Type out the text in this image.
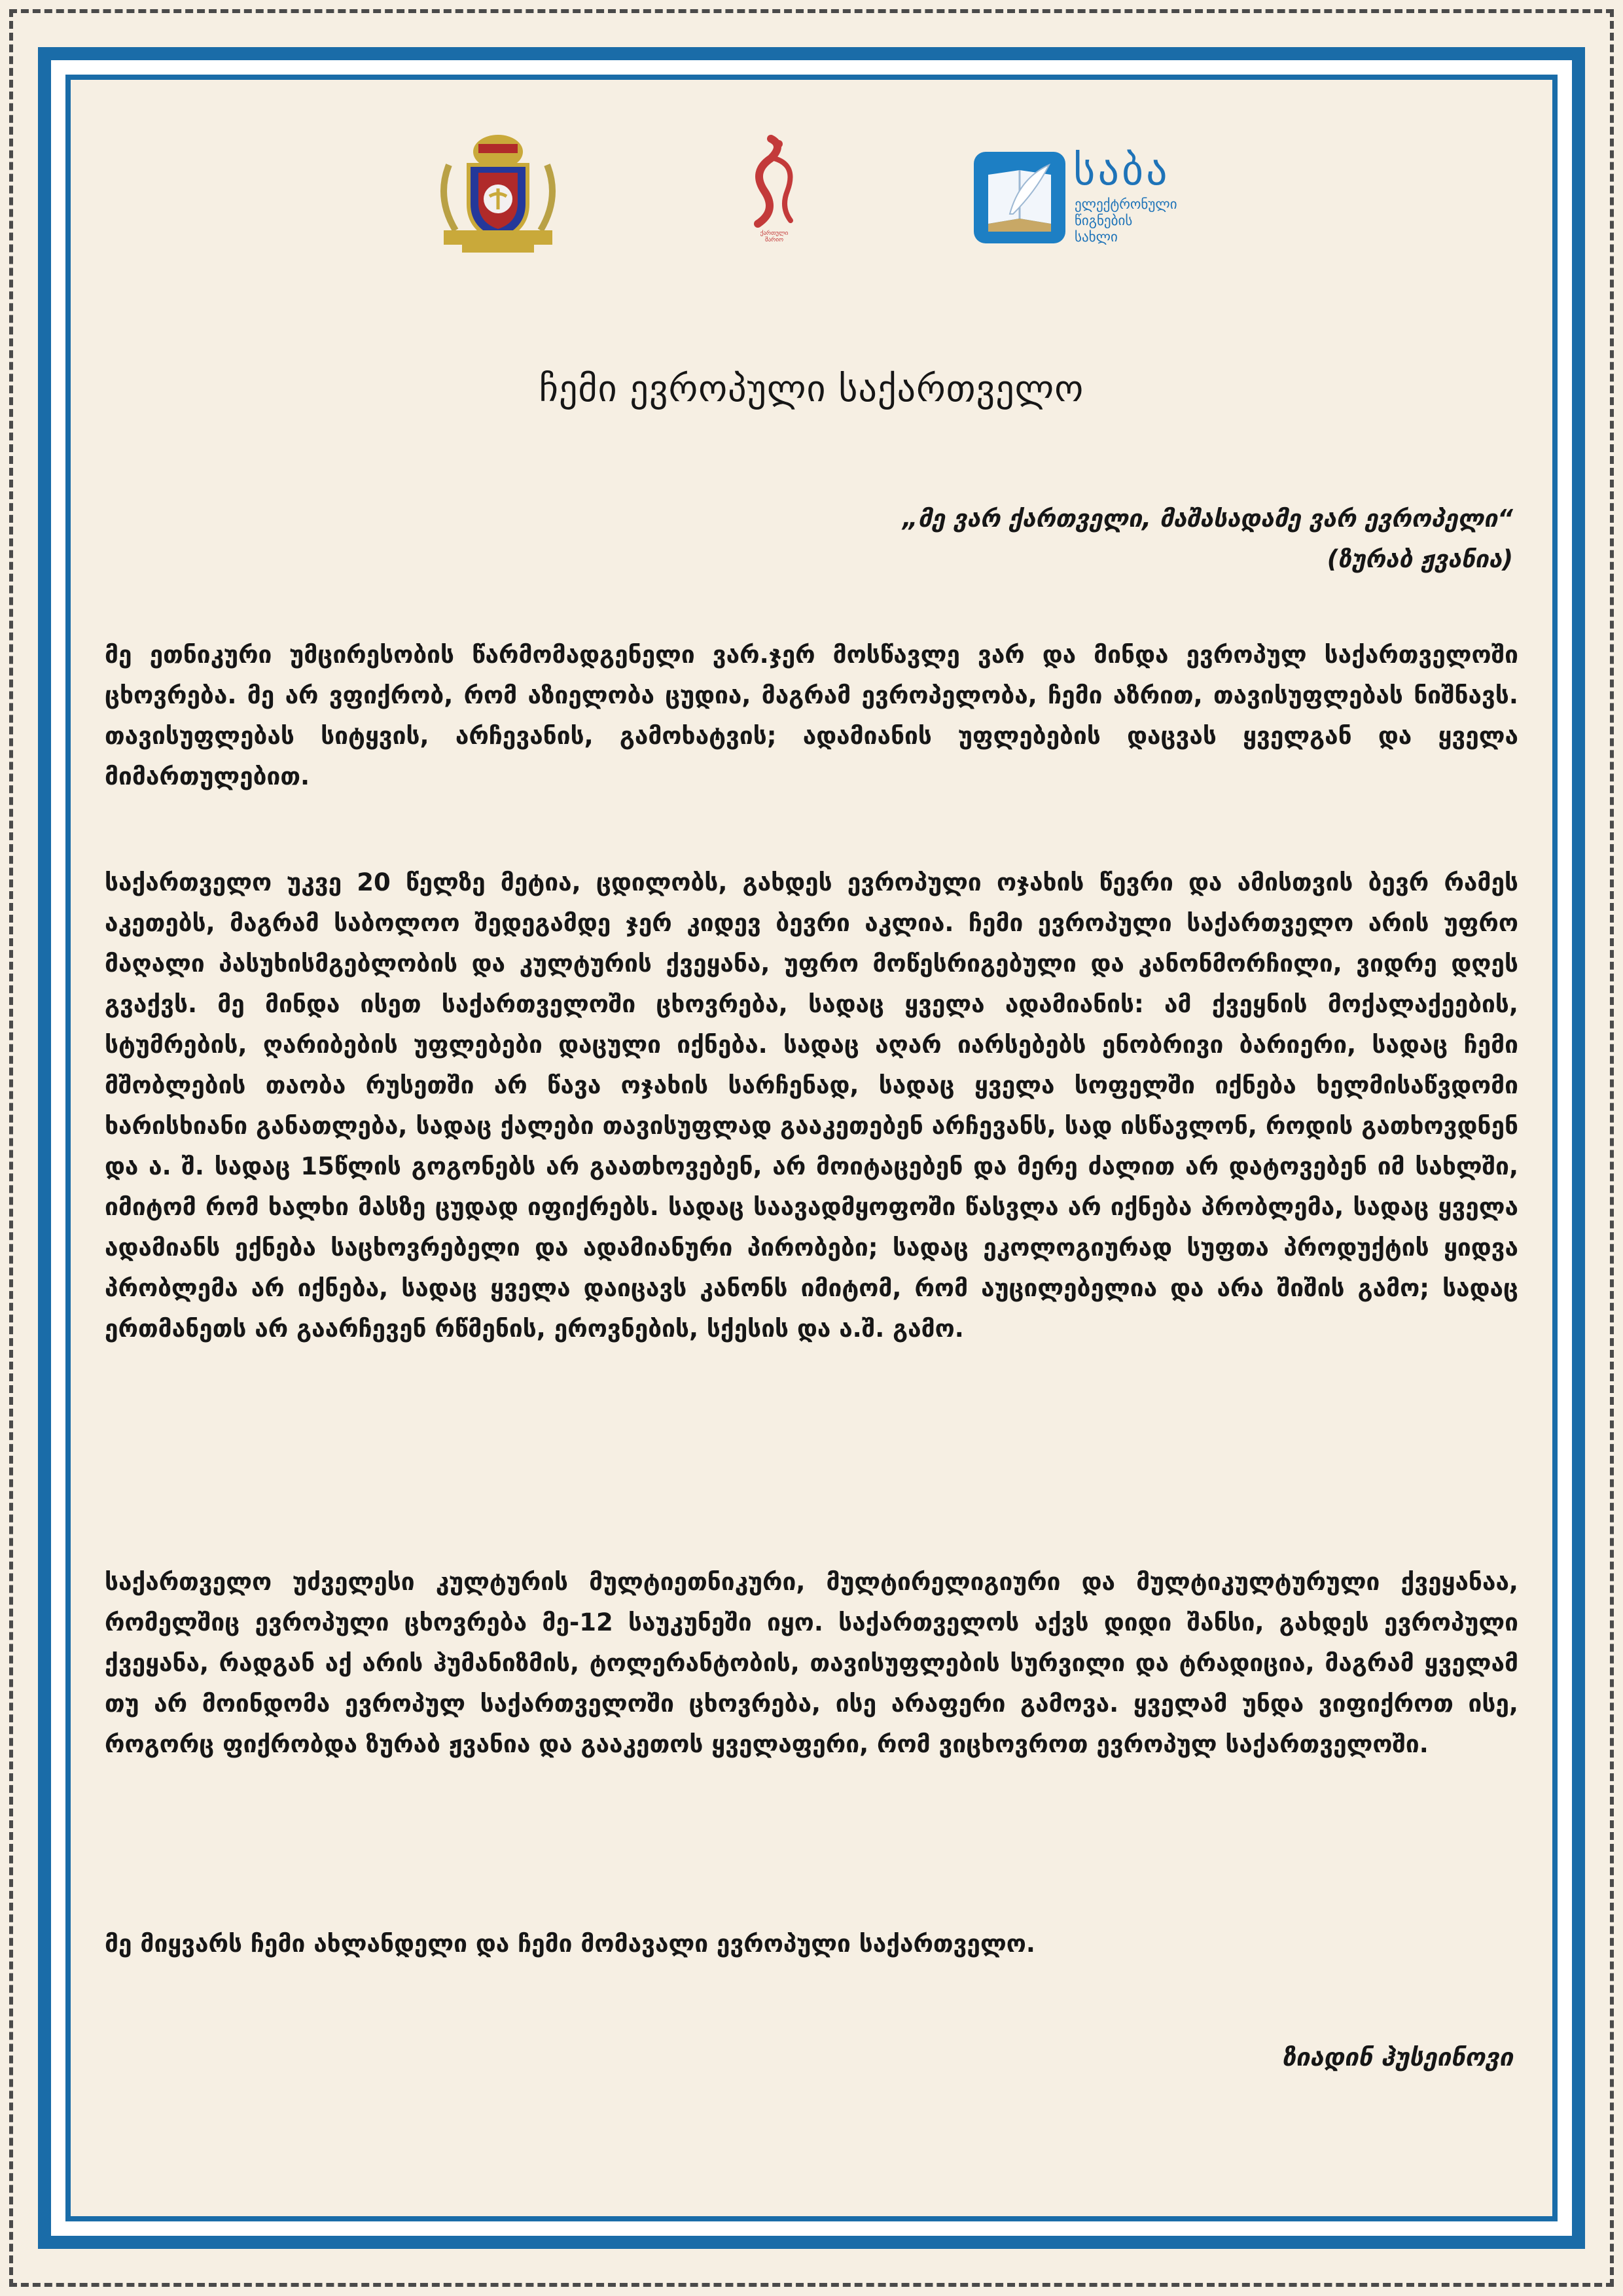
ქართული
შარიო
საბა
ელექტრონული
წიგნების
სახლი
ჩემი ევროპული საქართველო
„მე ვარ ქართველი, მაშასადამე ვარ ევროპელი“
(ზურაბ ჟვანია)
მე ეთნიკური უმცირესობის წარმომადგენელი ვარ.ჯერ მოსწავლე ვარ და მინდა ევროპულ საქართველოში ცხოვრება. მე არ ვფიქრობ, რომ აზიელობა ცუდია, მაგრამ ევროპელობა, ჩემი აზრით, თავისუფლებას ნიშნავს. თავისუფლებას სიტყვის, არჩევანის, გამოხატვის; ადამიანის უფლებების დაცვას ყველგან და ყველა მიმართულებით.
საქართველო უკვე 20 წელზე მეტია, ცდილობს, გახდეს ევროპული ოჯახის წევრი და ამისთვის ბევრ რამეს აკეთებს, მაგრამ საბოლოო შედეგამდე ჯერ კიდევ ბევრი აკლია. ჩემი ევროპული საქართველო არის უფრო მაღალი პასუხისმგებლობის და კულტურის ქვეყანა, უფრო მოწესრიგებული და კანონმორჩილი, ვიდრე დღეს გვაქვს. მე მინდა ისეთ საქართველოში ცხოვრება, სადაც ყველა ადამიანის: ამ ქვეყნის მოქალაქეების, სტუმრების, ღარიბების უფლებები დაცული იქნება. სადაც აღარ იარსებებს ენობრივი ბარიერი, სადაც ჩემი მშობლების თაობა რუსეთში არ წავა ოჯახის სარჩენად, სადაც ყველა სოფელში იქნება ხელმისაწვდომი ხარისხიანი განათლება, სადაც ქალები თავისუფლად გააკეთებენ არჩევანს, სად ისწავლონ, როდის გათხოვდნენ და ა. შ. სადაც 15წლის გოგონებს არ გაათხოვებენ, არ მოიტაცებენ და მერე ძალით არ დატოვებენ იმ სახლში, იმიტომ რომ ხალხი მასზე ცუდად იფიქრებს. სადაც საავადმყოფოში წასვლა არ იქნება პრობლემა, სადაც ყველა ადამიანს ექნება საცხოვრებელი და ადამიანური პირობები; სადაც ეკოლოგიურად სუფთა პროდუქტის ყიდვა პრობლემა არ იქნება, სადაც ყველა დაიცავს კანონს იმიტომ, რომ აუცილებელია და არა შიშის გამო; სადაც ერთმანეთს არ გაარჩევენ რწმენის, ეროვნების, სქესის და ა.შ. გამო.
საქართველო უძველესი კულტურის მულტიეთნიკური, მულტირელიგიური და მულტიკულტურული ქვეყანაა, რომელშიც ევროპული ცხოვრება მე-12 საუკუნეში იყო. საქართველოს აქვს დიდი შანსი, გახდეს ევროპული ქვეყანა, რადგან აქ არის ჰუმანიზმის, ტოლერანტობის, თავისუფლების სურვილი და ტრადიცია, მაგრამ ყველამ თუ არ მოინდომა ევროპულ საქართველოში ცხოვრება, ისე არაფერი გამოვა. ყველამ უნდა ვიფიქროთ ისე, როგორც ფიქრობდა ზურაბ ჟვანია და გააკეთოს ყველაფერი, რომ ვიცხოვროთ ევროპულ საქართველოში.
მე მიყვარს ჩემი ახლანდელი და ჩემი მომავალი ევროპული საქართველო.
ზიადინ ჰუსეინოვი
